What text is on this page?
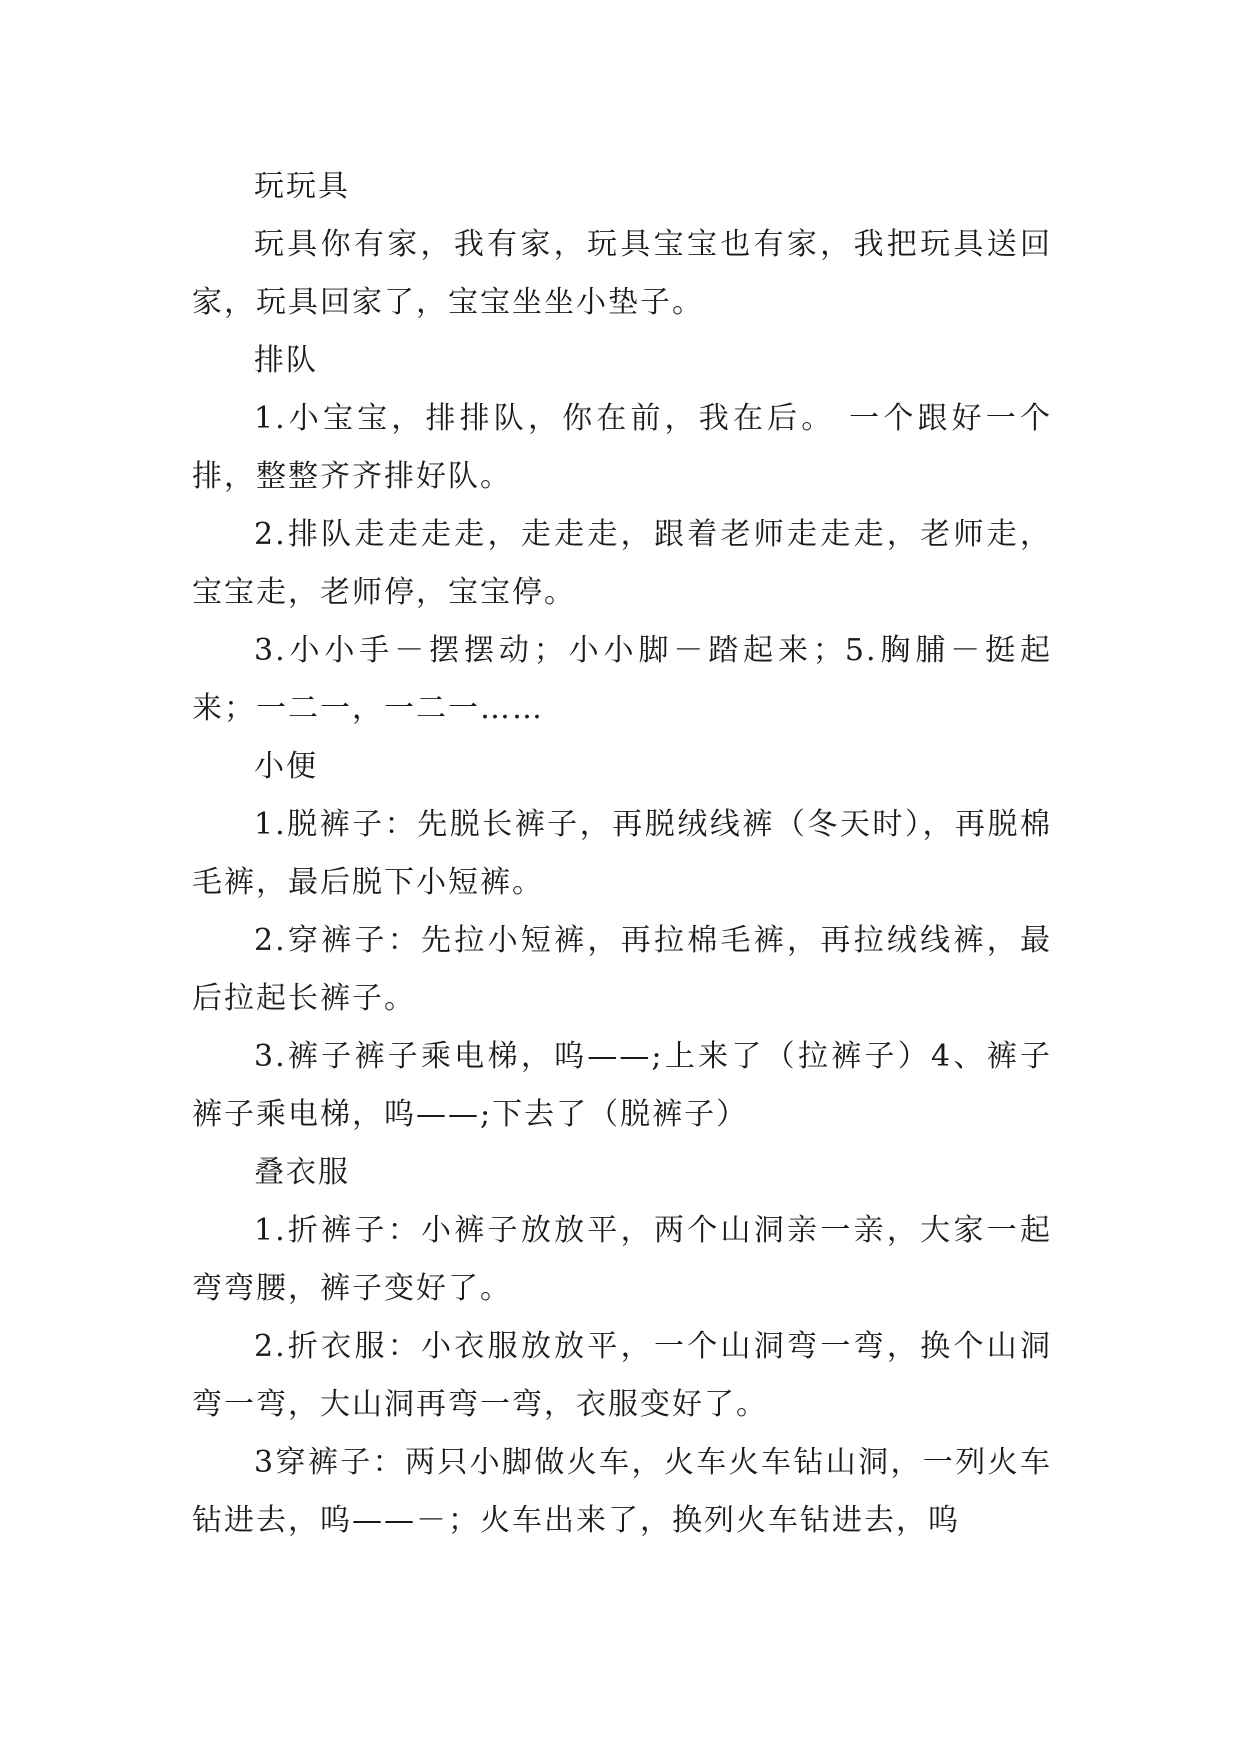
玩玩具

玩具你有家，我有家，玩具宝宝也有家，我把玩具送回家，玩具回家了，宝宝坐坐小垫子。

排队

1.小宝宝，排排队，你在前，我在后。 一个跟好一个排，整整齐齐排好队。

2.排队走走走走，走走走，跟着老师走走走，老师走，宝宝走，老师停，宝宝停。

3.小小手－摆摆动；小小脚－踏起来；5.胸脯－挺起来；一二一，一二一……

小便

1.脱裤子：先脱长裤子，再脱绒线裤（冬天时），再脱棉毛裤，最后脱下小短裤。

2.穿裤子：先拉小短裤，再拉棉毛裤，再拉绒线裤，最后拉起长裤子。

3.裤子裤子乘电梯，呜——;上来了（拉裤子）4、裤子裤子乘电梯，呜——;下去了（脱裤子）

叠衣服

1.折裤子：小裤子放放平，两个山洞亲一亲，大家一起弯弯腰，裤子变好了。

2.折衣服：小衣服放放平，一个山洞弯一弯，换个山洞弯一弯，大山洞再弯一弯，衣服变好了。

3穿裤子：两只小脚做火车，火车火车钻山洞，一列火车钻进去，呜——－；火车出来了，换列火车钻进去，呜
